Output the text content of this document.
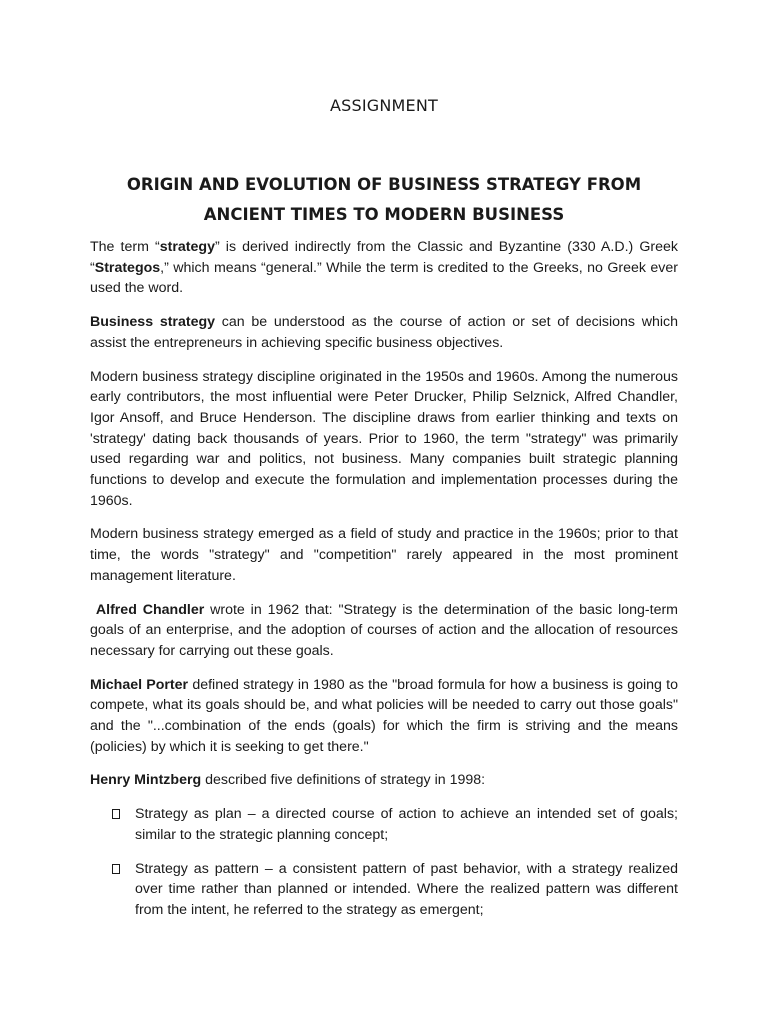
ASSIGNMENT
ORIGIN AND EVOLUTION OF BUSINESS STRATEGY FROM ANCIENT TIMES TO MODERN BUSINESS

The term “strategy” is derived indirectly from the Classic and Byzantine (330 A.D.) Greek “Strategos,” which means “general.” While the term is credited to the Greeks, no Greek ever used the word.

Business strategy can be understood as the course of action or set of decisions which assist the entrepreneurs in achieving specific business objectives.

Modern business strategy discipline originated in the 1950s and 1960s. Among the numerous early contributors, the most influential were Peter Drucker, Philip Selznick, Alfred Chandler, Igor Ansoff, and Bruce Henderson. The discipline draws from earlier thinking and texts on 'strategy' dating back thousands of years. Prior to 1960, the term "strategy" was primarily used regarding war and politics, not business. Many companies built strategic planning functions to develop and execute the formulation and implementation processes during the 1960s.

Modern business strategy emerged as a field of study and practice in the 1960s; prior to that time, the words "strategy" and "competition" rarely appeared in the most prominent management literature.

Alfred Chandler wrote in 1962 that: "Strategy is the determination of the basic long-term goals of an enterprise, and the adoption of courses of action and the allocation of resources necessary for carrying out these goals.

Michael Porter defined strategy in 1980 as the "broad formula for how a business is going to compete, what its goals should be, and what policies will be needed to carry out those goals" and the "...combination of the ends (goals) for which the firm is striving and the means (policies) by which it is seeking to get there."

Henry Mintzberg described five definitions of strategy in 1998:

Strategy as plan – a directed course of action to achieve an intended set of goals; similar to the strategic planning concept;
Strategy as pattern – a consistent pattern of past behavior, with a strategy realized over time rather than planned or intended. Where the realized pattern was different from the intent, he referred to the strategy as emergent;
